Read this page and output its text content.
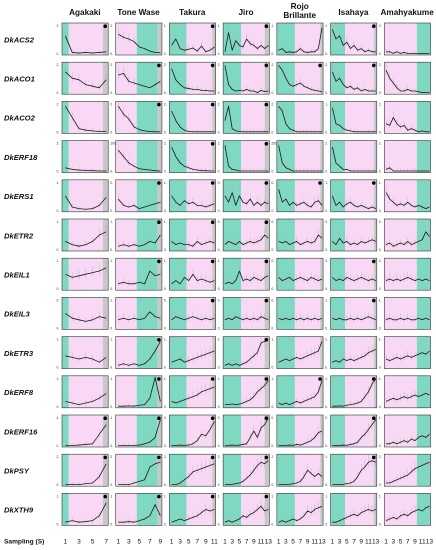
Agakaki Tone Wase Takura	Jiro
Rojo
Brillante	Isahaya Amahyakume
DkACS2
DkACO1
DkACO2
DkERF18
DkERS1
DkETR2
DkEIL1
DkEIL3
DkETR3
DkERF8
DkERF16
DkPSY
DkXTH9
2.
0.
2.
0.
1.
0.
1.
0.
1.
0.
1.
0.
2.
0.
2.
0.
2.
0.
2.
0.
2.
0.
2.
0.
2.
0.
2.
0.
2.
0.
2.
0.
2.
0.
2.
0.
2.
0.
1.
0.
2.
0.
2.
0.
100.
0.
2.
0.
2.
0.
250.
0.
2.
0.
2.
0.
1.
0.
2.
0.
1.
0.
0.
0.
0.
0.
1.
0.
1.
0.
1.
0.
1.
0.
1.
0.
0.
0.
0.
0.
0.
0.
0.
0.
1.
0.
1.
0.
1.
0.
1.
0.
0.
0.
0.
0.
0.
0.
0.
0.
1.
0.
0.
0.
0.
0.
0.
0.
1.
0.
1.
0.
1.
0.
1.
0.
1.
0.
1.
0.
1.
0.
2.
0.
1.
0.
1.
0.
1.
0.
1.
0.
1.
0.
1.
0.
1.
0.
1.
0.
4.
0.
1.
0.
2.
0.
0.
0.
0.
0.
0.
0.
1.
0.
2.
0.
2.
0.
2.
0.
2.
0.
2.
0.
1.
0.
2.
0.
1.
0.
1.
0.
1.
0.
1.
0.
1.
0.
1.
0.
1.
0.
1 3 5 7 1 3 5 7 9 1 3 5 7 9 11 1 3 5 7 9 11 13 1 3 5 7 9 11 13 1 3 5 7 9 11 13 1 3 5 7 9 11 13
Sampling (S)
